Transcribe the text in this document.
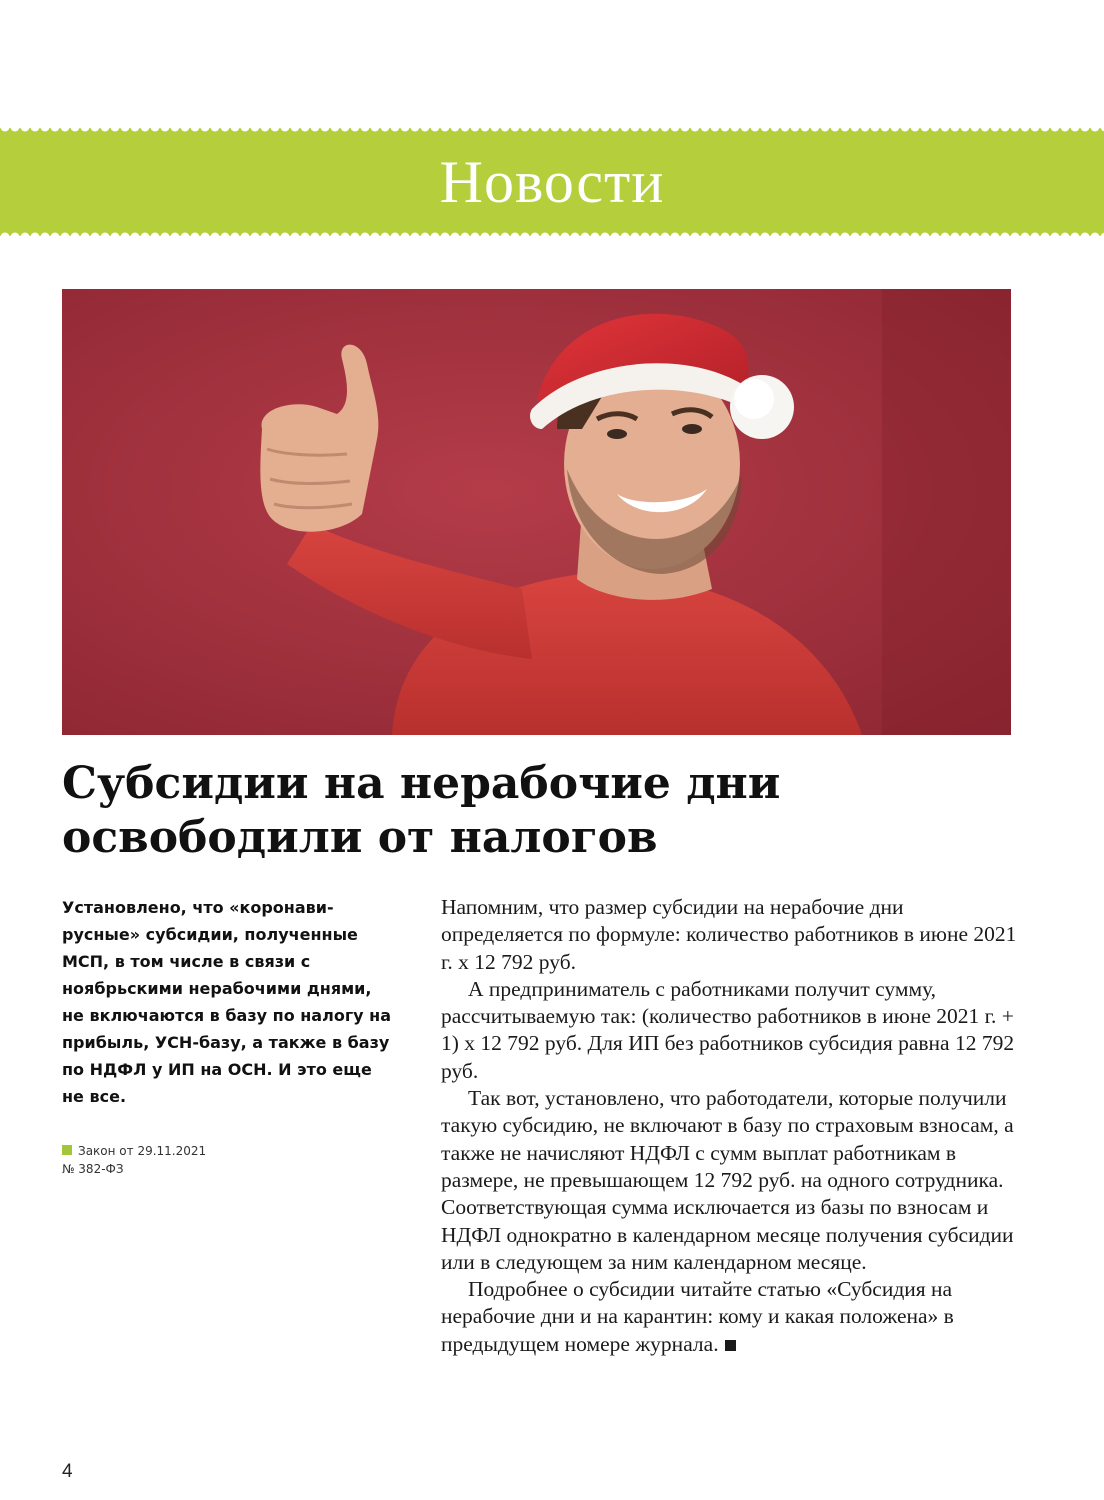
Новости
Субсидии на нерабочие дни
освободили от налогов
Установлено, что «коронавирусные» субсидии, полученные МСП, в том числе в связи с ноябрьскими нерабочими днями, не включаются в базу по налогу на прибыль, УСН-базу, а также в базу по НДФЛ у ИП на ОСН. И это еще не все.
Закон от 29.11.2021
№ 382-ФЗ

Напомним, что размер субсидии на нерабочие дни определяется по формуле: количество работников в июне 2021 г. х 12 792 руб.

А предприниматель с работниками получит сумму, рассчитываемую так: (количество работников в июне 2021 г. + 1) х 12 792 руб. Для ИП без работников субсидия равна 12 792 руб.

Так вот, установлено, что работодатели, которые получили такую субсидию, не включают в базу по страховым взносам, а также не начисляют НДФЛ с сумм выплат работникам в размере, не превышающем 12 792 руб. на одного сотрудника. Соответствующая сумма исключается из базы по взносам и НДФЛ однократно в календарном месяце получения субсидии или в следующем за ним календарном месяце.

Подробнее о субсидии читайте статью «Субсидия на нерабочие дни и на карантин: кому и какая положена» в предыдущем номере журнала.

4
